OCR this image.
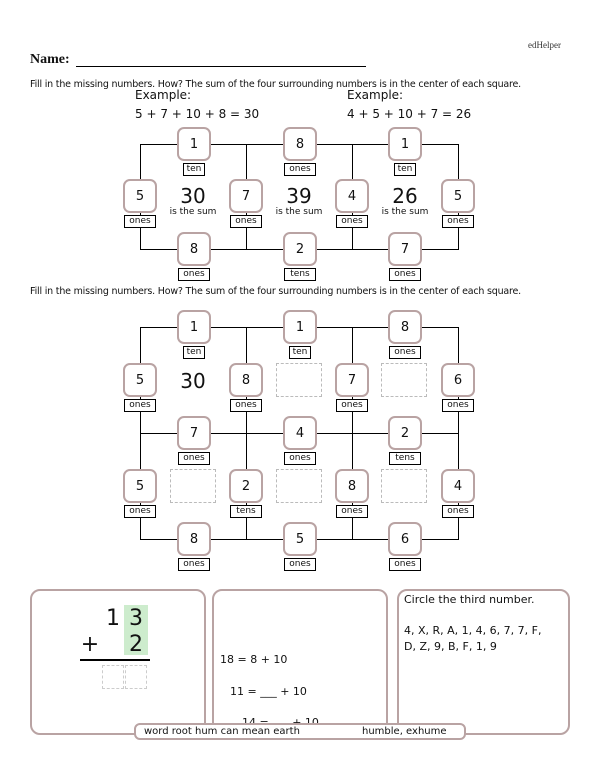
edHelper
Name:
Fill in the missing numbers. How? The sum of the four surrounding numbers is in the center of each square.
Example:
5 + 7 + 10 + 8 = 30
Example:
4 + 5 + 10 + 7 = 26
1
ten
8
ones
1
ten
5
ones
7
ones
4
ones
5
ones
8
ones
2
tens
7
ones
30
is the sum
39
is the sum
26
is the sum
Fill in the missing numbers. How? The sum of the four surrounding numbers is in the center of each square.
1
ten
1
ten
8
ones
5
ones
8
ones
7
ones
6
ones
30
7
ones
4
ones
2
tens
5
ones
2
tens
8
ones
4
ones
8
ones
5
ones
6
ones
1 3
+ 2
18 = 8 + 10
11 = ___ + 10
Circle the third number.
4, X, R, A, 1, 4, 6, 7, 7, F,
D, Z, 9, B, F, 1, 9
word root hum can mean earth	humble, exhume
